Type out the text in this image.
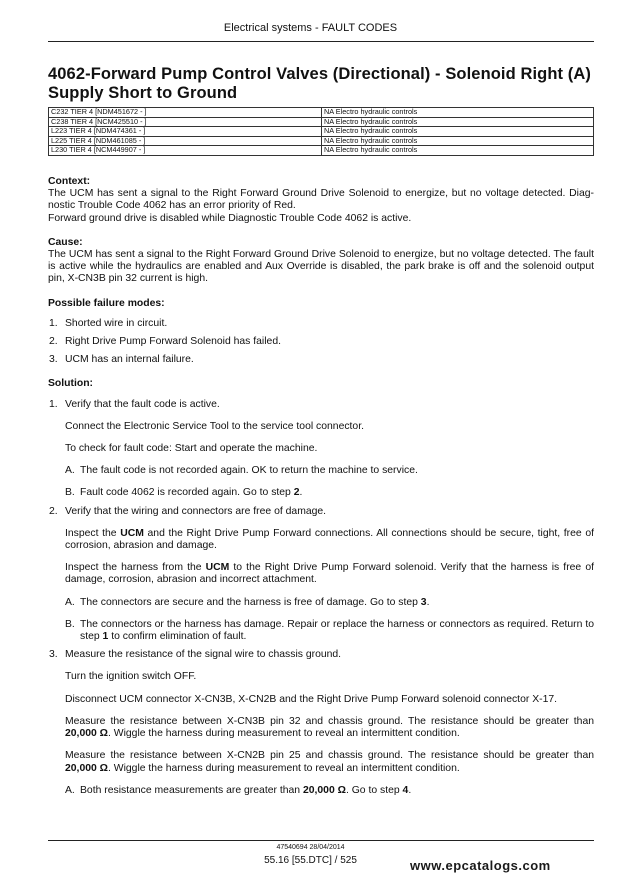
Electrical systems - FAULT CODES
4062-Forward Pump Control Valves (Directional) - Solenoid Right (A) Supply Short to Ground
C232 TIER 4 [NDM451672 - ]	NA Electro hydraulic controls
C238 TIER 4 [NCM425510 - ]	NA Electro hydraulic controls
L223 TIER 4 [NDM474361 - ]	NA Electro hydraulic controls
L225 TIER 4 [NDM461085 - ]	NA Electro hydraulic controls
L230 TIER 4 [NCM449907 - ]	NA Electro hydraulic controls

Context:

The UCM has sent a signal to the Right Forward Ground Drive Solenoid to energize, but no voltage detected. Diag- nostic Trouble Code 4062 has an error priority of Red.

Forward ground drive is disabled while Diagnostic Trouble Code 4062 is active.

Cause:

The UCM has sent a signal to the Right Forward Ground Drive Solenoid to energize, but no voltage detected. The fault is active while the hydraulics are enabled and Aux Override is disabled, the park brake is off and the solenoid output pin, X-CN3B pin 32 current is high.

Possible failure modes:

1. Shorted wire in circuit.
2. Right Drive Pump Forward Solenoid has failed.
3. UCM has an internal failure.

Solution:

1. Verify that the fault code is active.

Connect the Electronic Service Tool to the service tool connector.

To check for fault code: Start and operate the machine.

A. The fault code is not recorded again. OK to return the machine to service.
B. Fault code 4062 is recorded again. Go to step 2.
2. Verify that the wiring and connectors are free of damage.

Inspect the UCM and the Right Drive Pump Forward connections. All connections should be secure, tight, free of corrosion, abrasion and damage.

Inspect the harness from the UCM to the Right Drive Pump Forward solenoid. Verify that the harness is free of damage, corrosion, abrasion and incorrect attachment.

A. The connectors are secure and the harness is free of damage. Go to step 3.
B. The connectors or the harness has damage. Repair or replace the harness or connectors as required. Return to step 1 to confirm elimination of fault.
3. Measure the resistance of the signal wire to chassis ground.

Turn the ignition switch OFF.

Disconnect UCM connector X-CN3B, X-CN2B and the Right Drive Pump Forward solenoid connector X-17.

Measure the resistance between X-CN3B pin 32 and chassis ground. The resistance should be greater than 20,000 Ω. Wiggle the harness during measurement to reveal an intermittent condition.

Measure the resistance between X-CN2B pin 25 and chassis ground. The resistance should be greater than 20,000 Ω. Wiggle the harness during measurement to reveal an intermittent condition.

A. Both resistance measurements are greater than 20,000 Ω. Go to step 4.
47540694 28/04/2014
55.16 [55.DTC] / 525	www.epcatalogs.com
